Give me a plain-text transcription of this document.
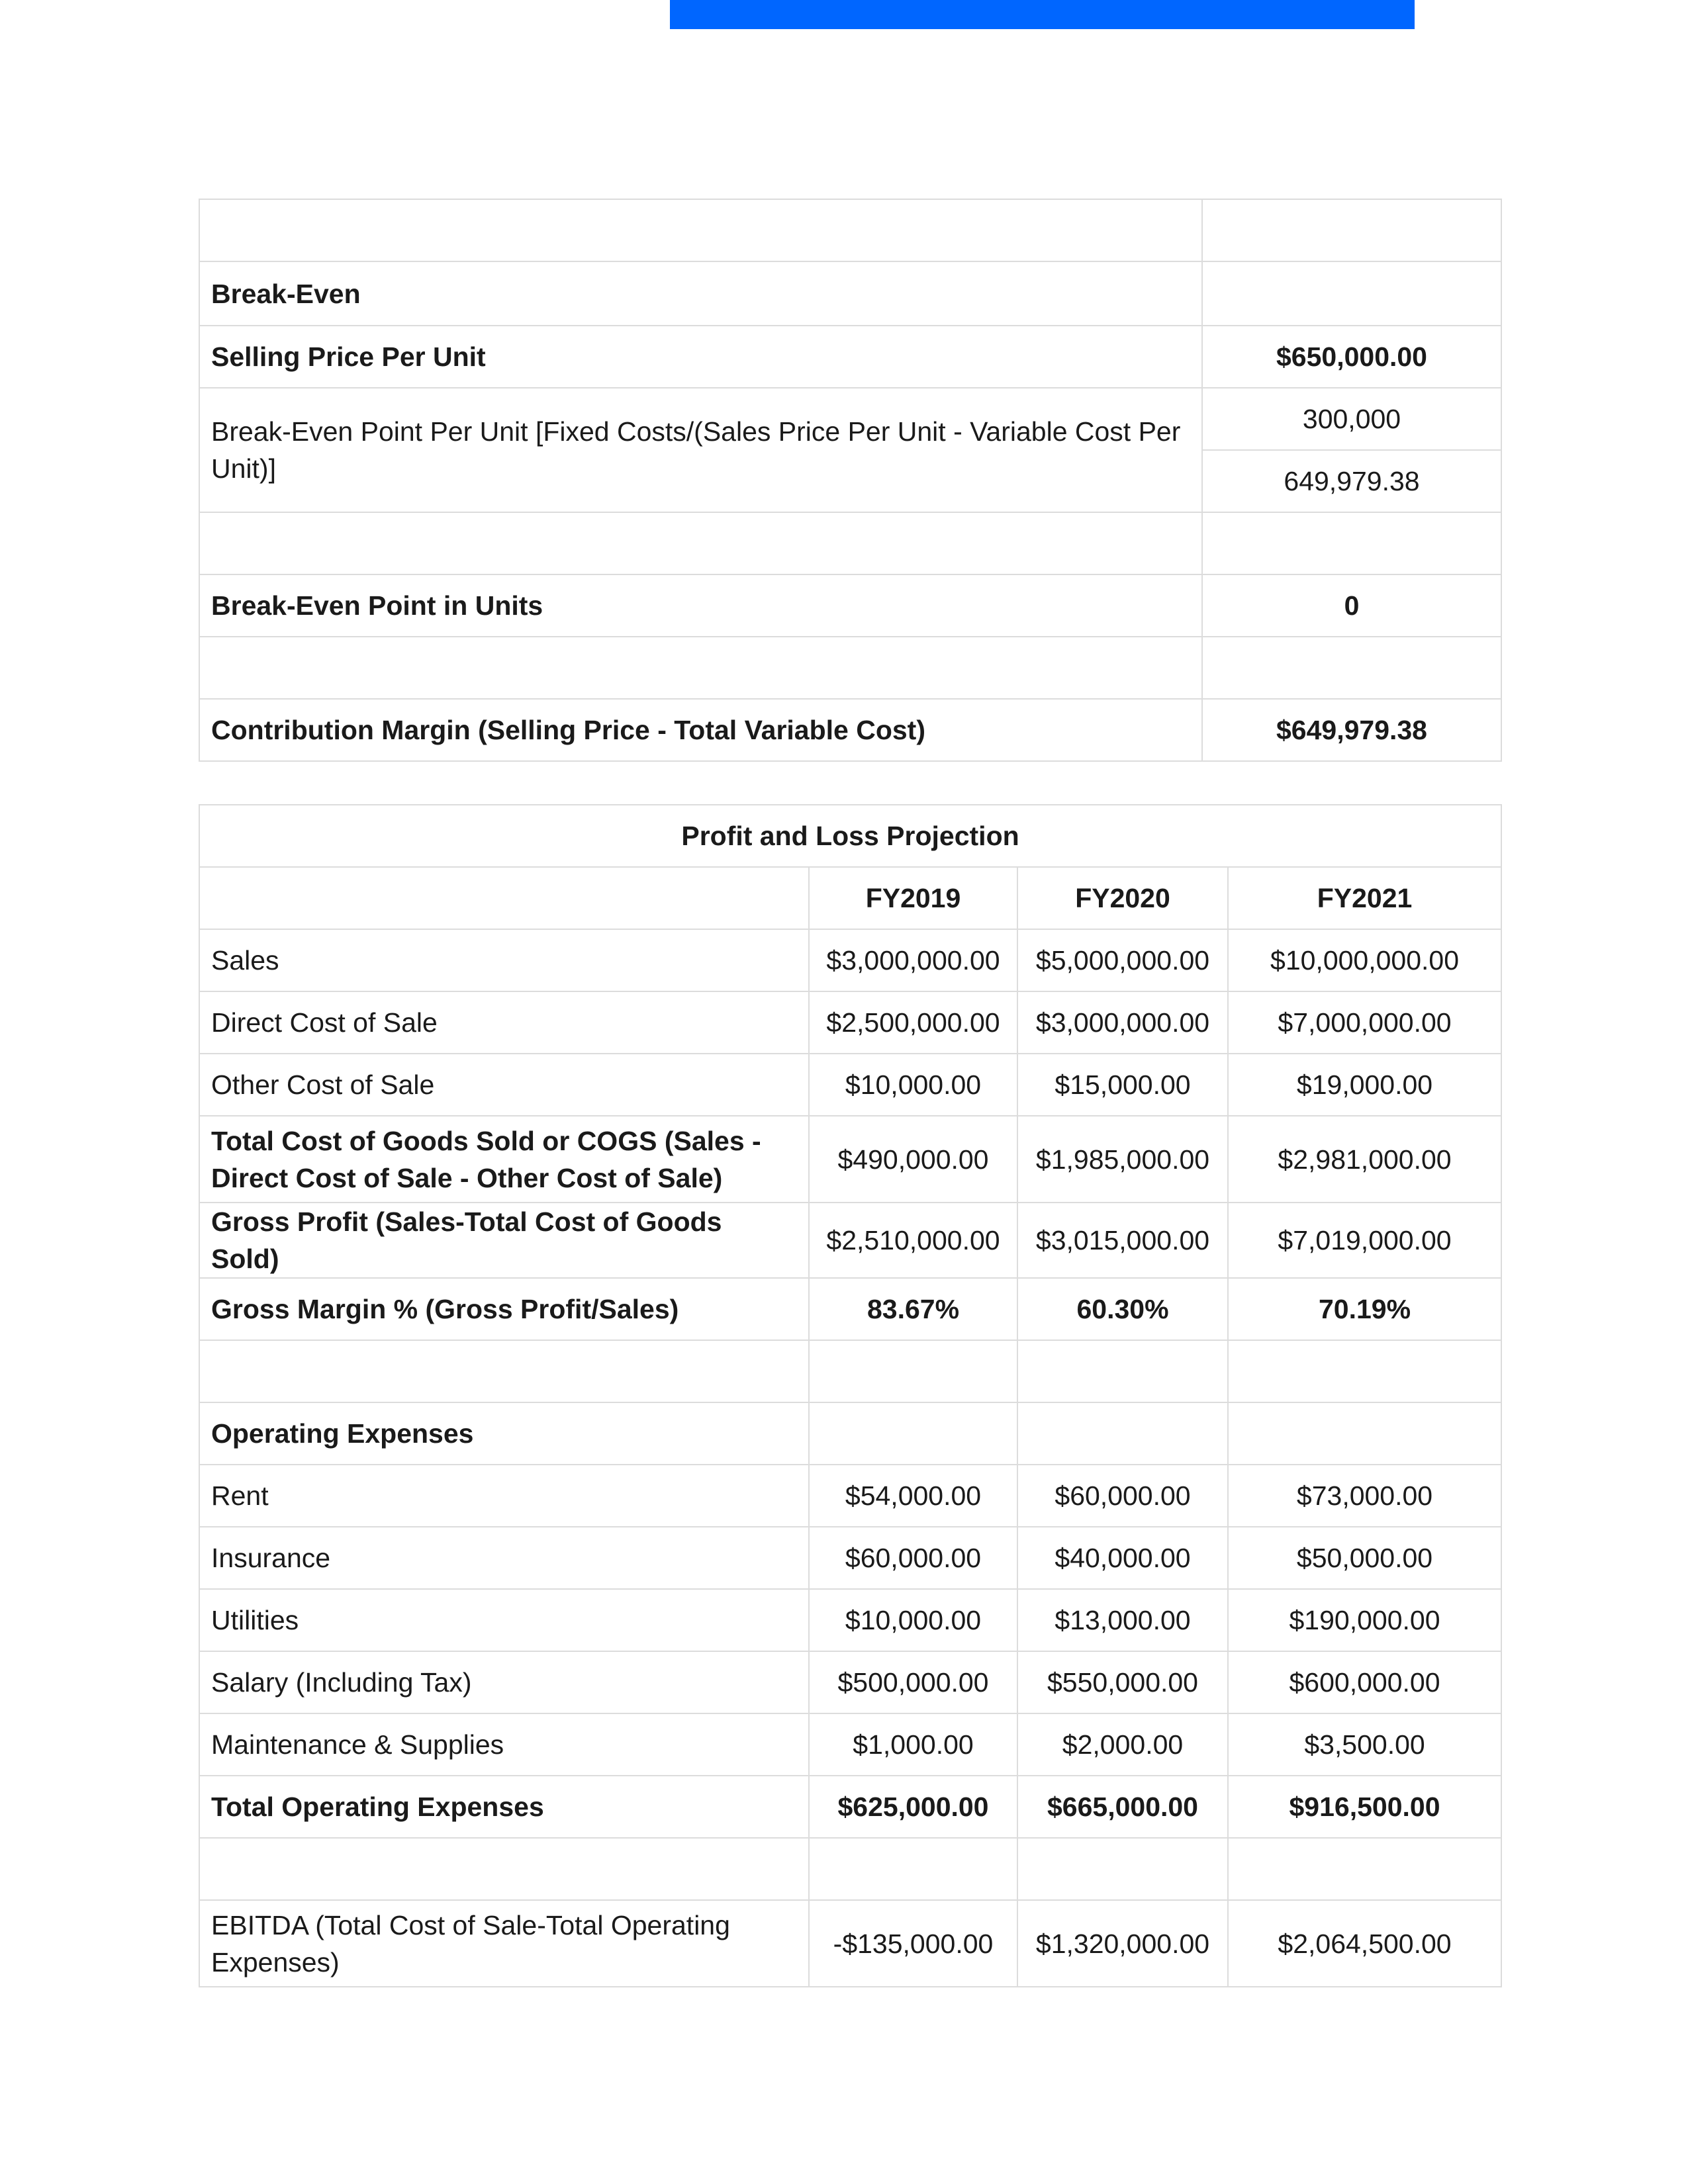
Break-Even	
Selling Price Per Unit	$650,000.00
Break-Even Point Per Unit [Fixed Costs/(Sales Price Per Unit - Variable Cost Per Unit)]	300,000
	649,979.38

Break-Even Point in Units	0

Contribution Margin (Selling Price - Total Variable Cost)	$649,979.38
Profit and Loss Projection			
	FY2019	FY2020	FY2021
Sales	$3,000,000.00	$5,000,000.00	$10,000,000.00
Direct Cost of Sale	$2,500,000.00	$3,000,000.00	$7,000,000.00
Other Cost of Sale	$10,000.00	$15,000.00	$19,000.00
Total Cost of Goods Sold or COGS (Sales - Direct Cost of Sale - Other Cost of Sale)	$490,000.00	$1,985,000.00	$2,981,000.00
Gross Profit (Sales-Total Cost of Goods Sold)	$2,510,000.00	$3,015,000.00	$7,019,000.00
Gross Margin % (Gross Profit/Sales)	83.67%	60.30%	70.19%

Operating Expenses			
Rent	$54,000.00	$60,000.00	$73,000.00
Insurance	$60,000.00	$40,000.00	$50,000.00
Utilities	$10,000.00	$13,000.00	$190,000.00
Salary (Including Tax)	$500,000.00	$550,000.00	$600,000.00
Maintenance & Supplies	$1,000.00	$2,000.00	$3,500.00
Total Operating Expenses	$625,000.00	$665,000.00	$916,500.00

EBITDA (Total Cost of Sale-Total Operating Expenses)	-$135,000.00	$1,320,000.00	$2,064,500.00
